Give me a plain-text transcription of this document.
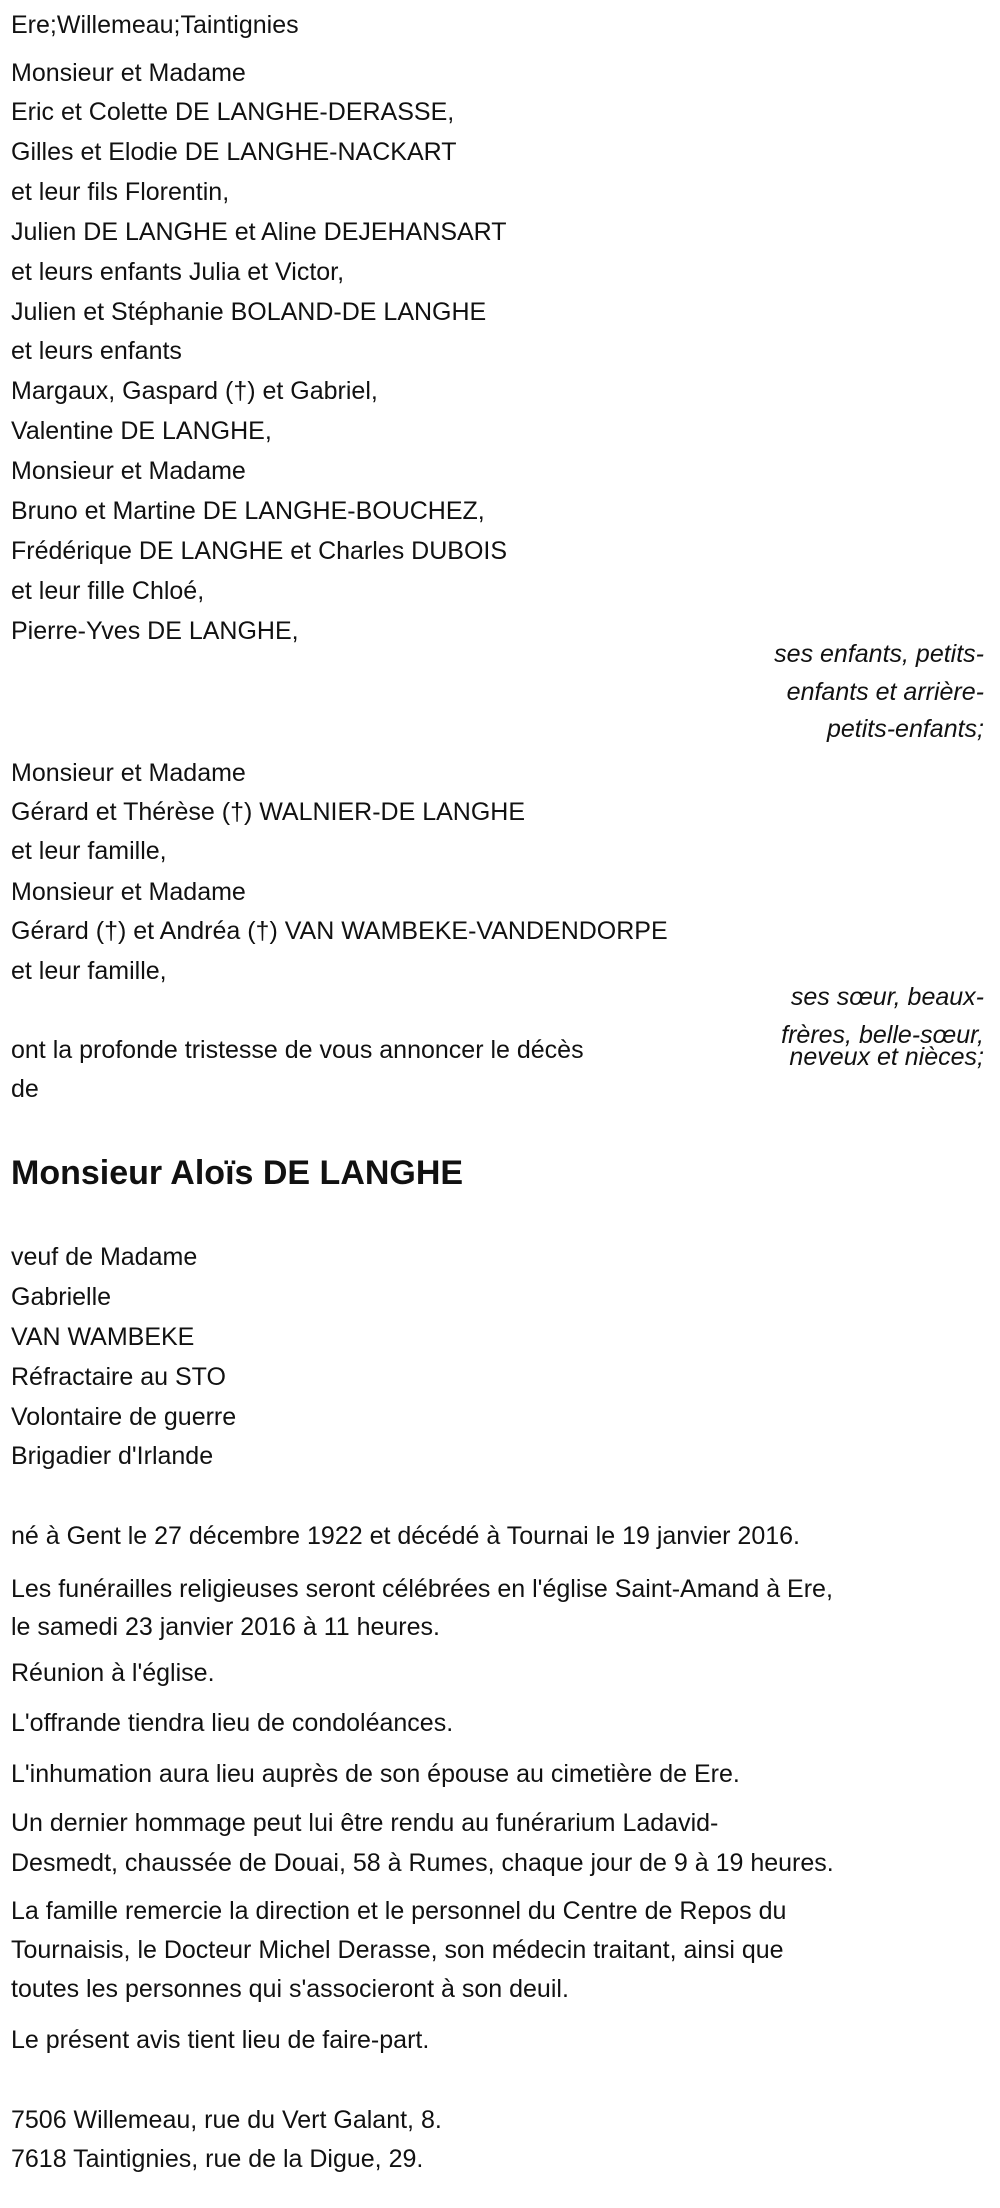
Ere;Willemeau;Taintignies
Monsieur et Madame
Eric et Colette DE LANGHE-DERASSE,
Gilles et Elodie DE LANGHE-NACKART
et leur fils Florentin,
Julien DE LANGHE et Aline DEJEHANSART
et leurs enfants Julia et Victor,
Julien et Stéphanie BOLAND-DE LANGHE
et leurs enfants
Margaux, Gaspard (†) et Gabriel,
Valentine DE LANGHE,
Monsieur et Madame
Bruno et Martine DE LANGHE-BOUCHEZ,
Frédérique DE LANGHE et Charles DUBOIS
et leur fille Chloé,
Pierre-Yves DE LANGHE,
ses enfants, petits-
enfants et arrière-
petits-enfants;
Monsieur et Madame
Gérard et Thérèse (†) WALNIER-DE LANGHE
et leur famille,
Monsieur et Madame
Gérard (†) et Andréa (†) VAN WAMBEKE-VANDENDORPE
et leur famille,
ses sœur, beaux-
frères, belle-sœur,
neveux et nièces;
ont la profonde tristesse de vous annoncer le décès
de
Monsieur Aloïs DE LANGHE
veuf de Madame
Gabrielle
VAN WAMBEKE
Réfractaire au STO
Volontaire de guerre
Brigadier d'Irlande
né à Gent le 27 décembre 1922 et décédé à Tournai le 19 janvier 2016.
Les funérailles religieuses seront célébrées en l'église Saint-Amand à Ere,
le samedi 23 janvier 2016 à 11 heures.
Réunion à l'église.
L'offrande tiendra lieu de condoléances.
L'inhumation aura lieu auprès de son épouse au cimetière de Ere.
Un dernier hommage peut lui être rendu au funérarium Ladavid-
Desmedt, chaussée de Douai, 58 à Rumes, chaque jour de 9 à 19 heures.
La famille remercie la direction et le personnel du Centre de Repos du
Tournaisis, le Docteur Michel Derasse, son médecin traitant, ainsi que
toutes les personnes qui s'associeront à son deuil.
Le présent avis tient lieu de faire-part.
7506 Willemeau, rue du Vert Galant, 8.
7618 Taintignies, rue de la Digue, 29.
